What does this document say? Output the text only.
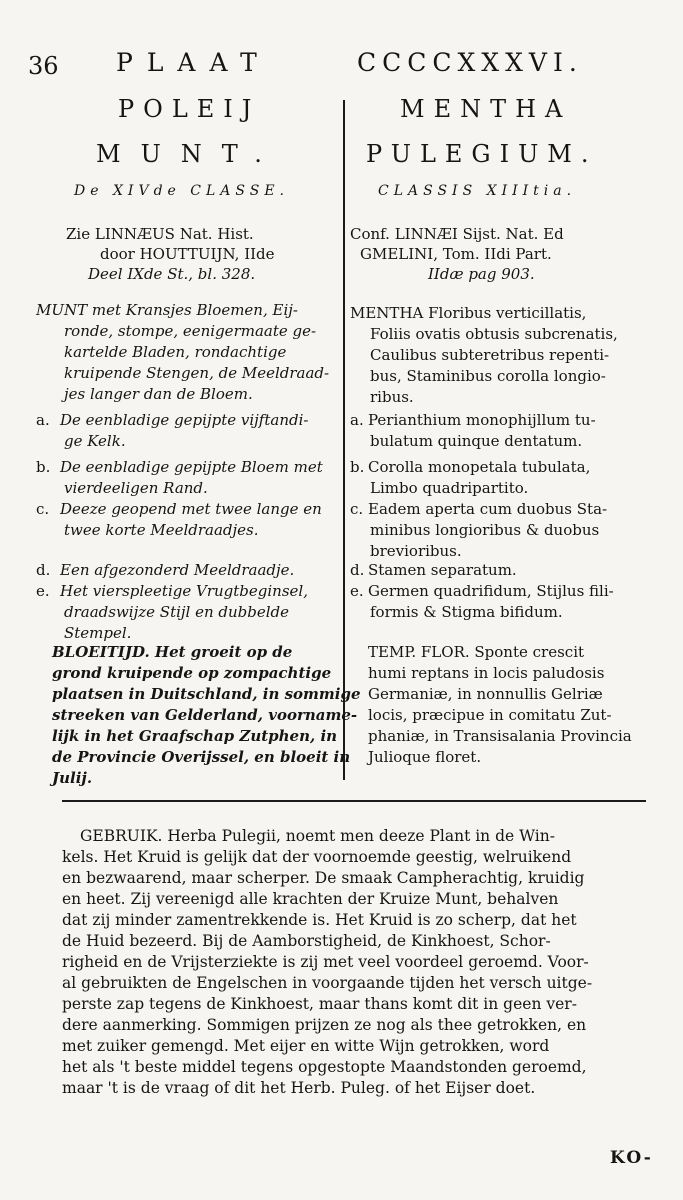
36 PLAAT	CCCCXXXVI.
POLEIJ
MUNT.
De XIVde CLASSE.
Zie LINNÆUS Nat. Hist.
door HOUTTUIJN, IIde
Deel IXde St., bl. 328.
MENTHA
PULEGIUM.
CLASSIS XIIItia.
Conf. LINNÆI Sijst. Nat. Ed
GMELINI, Tom. IIdi Part.
IIdæ pag 903.
MUNT met Kransjes Bloemen, Eij-
ronde, stompe, eenigermaate ge-
kartelde Bladen, rondachtige
kruipende Stengen, de Meeldraad-
jes langer dan de Bloem.
a. De eenbladige gepijpte vijftandi-
ge Kelk.
b. De eenbladige gepijpte Bloem met
vierdeeligen Rand.
c. Deeze geopend met twee lange en
twee korte Meeldraadjes.
d. Een afgezonderd Meeldraadje.
e. Het vierspleetige Vrugtbeginsel,
draadswijze Stijl en dubbelde
Stempel.
BLOEITIJD. Het groeit op de
grond kruipende op zompachtige
plaatsen in Duitschland, in sommige
streeken van Gelderland, voorname-
lijk in het Graafschap Zutphen, in
de Provincie Overijssel, en bloeit in
Julij.
MENTHA Floribus verticillatis,
Foliis ovatis obtusis subcrenatis,
Caulibus subteretribus repenti-
bus, Staminibus corolla longio-
ribus.
a. Perianthium monophijllum tu-
bulatum quinque dentatum.
b. Corolla monopetala tubulata,
Limbo quadripartito.
c. Eadem aperta cum duobus Sta-
minibus longioribus & duobus
brevioribus.
d. Stamen separatum.
e. Germen quadrifidum, Stijlus fili-
formis & Stigma bifidum.
TEMP. FLOR. Sponte crescit
humi reptans in locis paludosis
Germaniæ, in nonnullis Gelriæ
locis, præcipue in comitatu Zut-
phaniæ, in Transisalania Provincia
Julioque floret.
GEBRUIK. Herba Pulegii, noemt men deeze Plant in de Win-
kels. Het Kruid is gelijk dat der voornoemde geestig, welruikend
en bezwaarend, maar scherper. De smaak Campherachtig, kruidig
en heet. Zij vereenigd alle krachten der Kruize Munt, behalven
dat zij minder zamentrekkende is. Het Kruid is zo scherp, dat het
de Huid bezeerd. Bij de Aamborstigheid, de Kinkhoest, Schor-
righeid en de Vrijsterziekte is zij met veel voordeel geroemd. Voor-
al gebruikten de Engelschen in voorgaande tijden het versch uitge-
perste zap tegens de Kinkhoest, maar thans komt dit in geen ver-
dere aanmerking. Sommigen prijzen ze nog als thee getrokken, en
met zuiker gemengd. Met eijer en witte Wijn getrokken, word
het als 't beste middel tegens opgestopte Maandstonden geroemd,
maar 't is de vraag of dit het Herb. Puleg. of het Eijser doet.
KO-
